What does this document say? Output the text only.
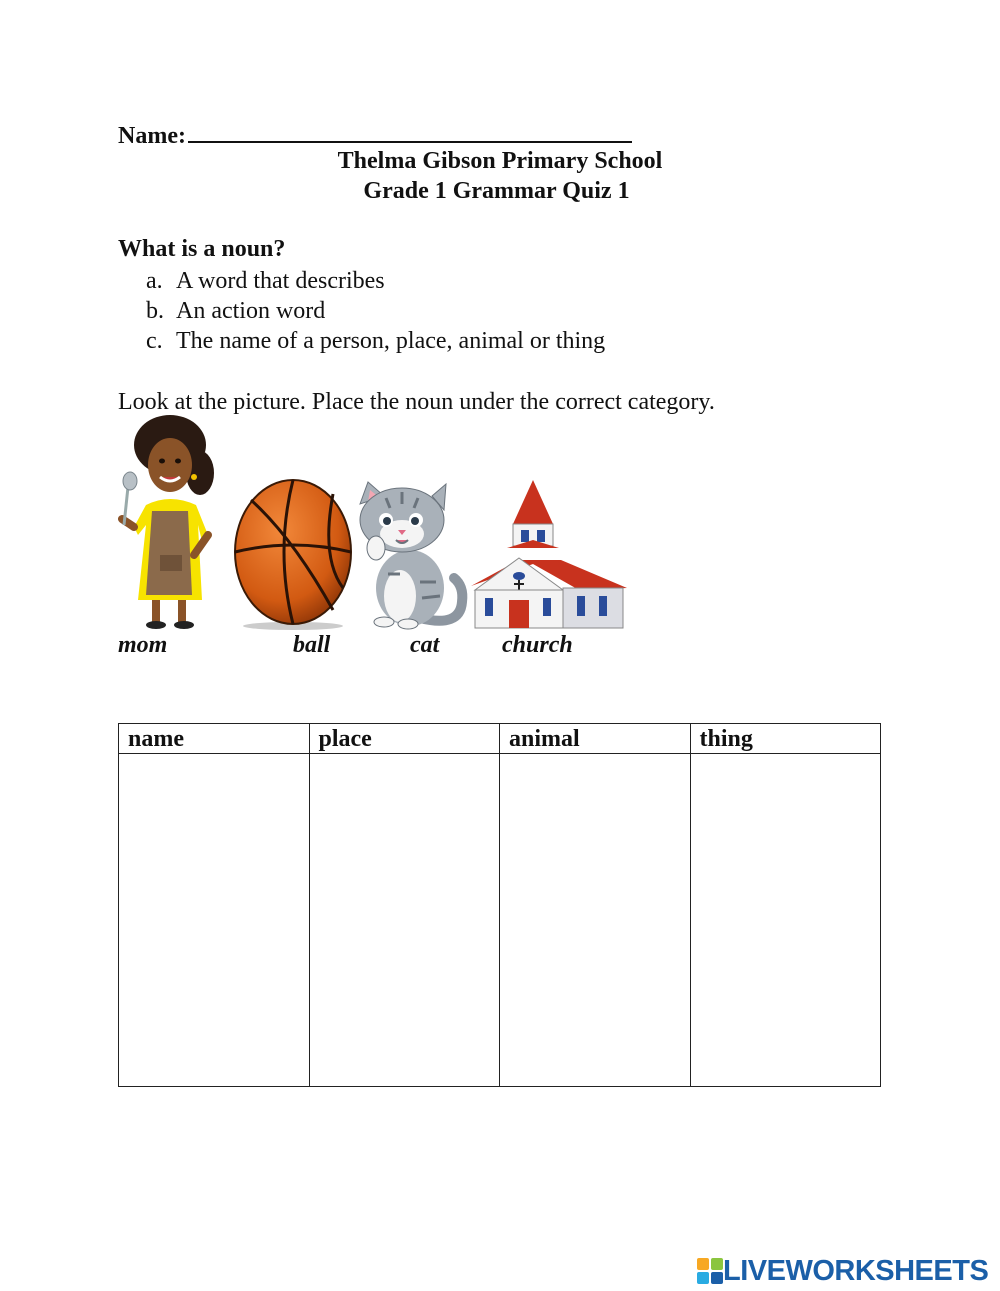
Name:
Thelma Gibson Primary School
Grade 1 Grammar Quiz 1
What is a noun?
a. A word that describes
b. An action word
c. The name of a person, place, animal or thing
Look at the picture. Place the noun under the correct category.
mom	ball	cat	church
name	place	animal	thing

LIVEWORKSHEETS
